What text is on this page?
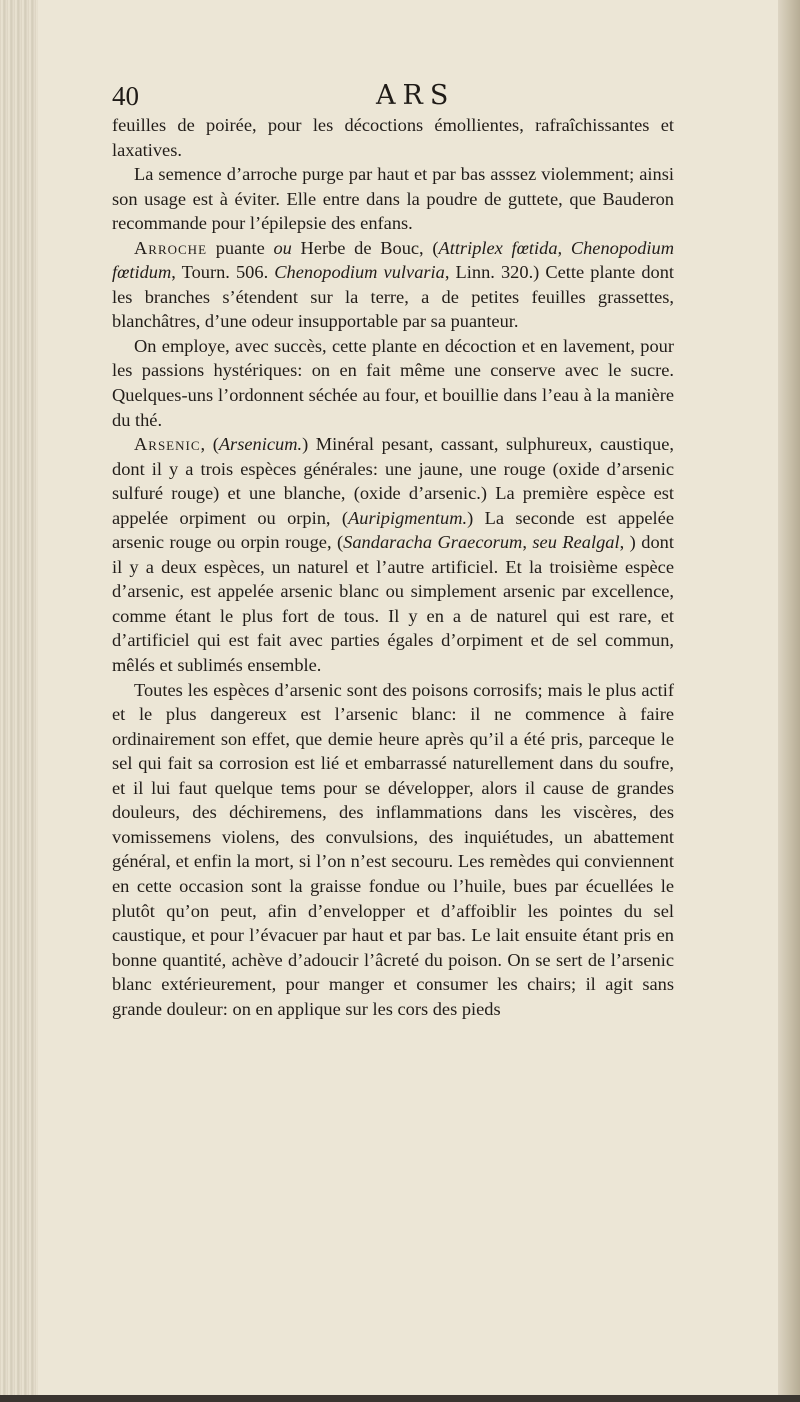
40	ARS

feuilles de poirée, pour les décoctions émollientes, rafraîchissantes et laxatives.

La semence d’arroche purge par haut et par bas asssez violemment; ainsi son usage est à éviter. Elle entre dans la poudre de guttete, que Bauderon recommande pour l’épilepsie des enfans.

Arroche puante ou Herbe de Bouc, (Attriplex fœtida, Chenopodium fœtidum, Tourn. 506. Chenopodium vulvaria, Linn. 320.) Cette plante dont les branches s’étendent sur la terre, a de petites feuilles grassettes, blanchâtres, d’une odeur insupportable par sa puanteur.

On employe, avec succès, cette plante en décoction et en lavement, pour les passions hystériques: on en fait même une conserve avec le sucre. Quelques-uns l’ordonnent séchée au four, et bouillie dans l’eau à la manière du thé.

Arsenic, (Arsenicum.) Minéral pesant, cassant, sulphureux, caustique, dont il y a trois espèces générales: une jaune, une rouge (oxide d’arsenic sulfuré rouge) et une blanche, (oxide d’arsenic.) La première espèce est appelée orpiment ou orpin, (Auripigmentum.) La seconde est appelée arsenic rouge ou orpin rouge, (Sandaracha Graecorum, seu Realgal, ) dont il y a deux espèces, un naturel et l’autre artificiel. Et la troisième espèce d’arsenic, est appelée arsenic blanc ou simplement arsenic par excellence, comme étant le plus fort de tous. Il y en a de naturel qui est rare, et d’artificiel qui est fait avec parties égales d’orpiment et de sel commun, mêlés et sublimés ensemble.

Toutes les espèces d’arsenic sont des poisons corrosifs; mais le plus actif et le plus dangereux est l’arsenic blanc: il ne commence à faire ordinairement son effet, que demie heure après qu’il a été pris, parceque le sel qui fait sa corrosion est lié et embarrassé naturellement dans du soufre, et il lui faut quelque tems pour se développer, alors il cause de grandes douleurs, des déchiremens, des inflammations dans les viscères, des vomissemens violens, des convulsions, des inquiétudes, un abattement général, et enfin la mort, si l’on n’est secouru. Les remèdes qui conviennent en cette occasion sont la graisse fondue ou l’huile, bues par écuellées le plutôt qu’on peut, afin d’envelopper et d’affoiblir les pointes du sel caustique, et pour l’évacuer par haut et par bas. Le lait ensuite étant pris en bonne quantité, achève d’adoucir l’âcreté du poison. On se sert de l’arsenic blanc extérieurement, pour manger et consumer les chairs; il agit sans grande douleur: on en applique sur les cors des pieds
